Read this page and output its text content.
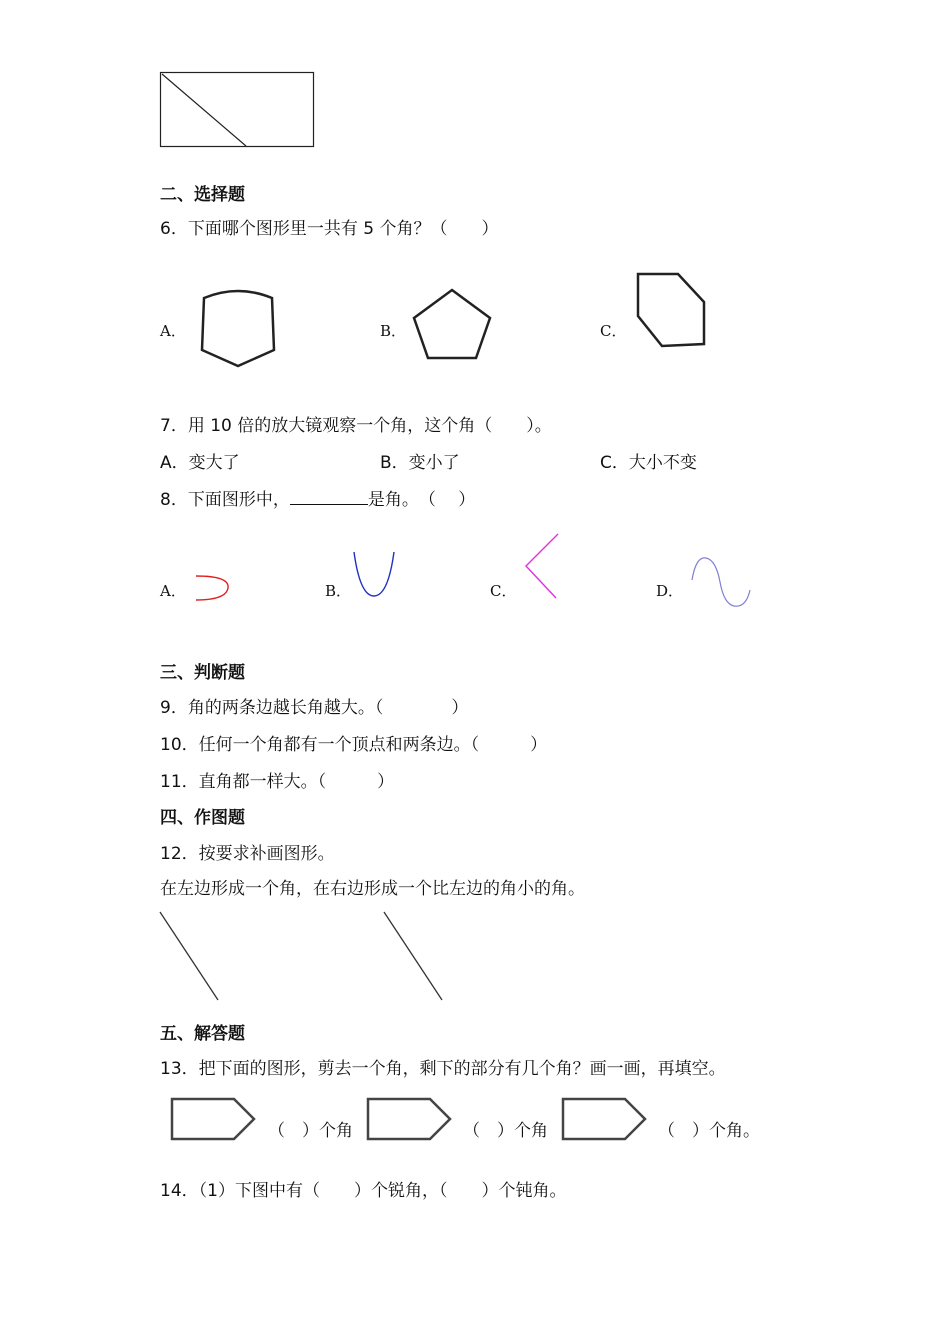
二、选择题
6．下面哪个图形里一共有 5 个角？（　　）
A．	B．	C．
7．用 10 倍的放大镜观察一个角，这个角（　　）。
A．变大了	B．变小了	C．大小不变
8．下面图形中，	是角。　（　 ）
A．	B．	C．	D．
三、判断题
9．角的两条边越长角越大。（　　　　）
10．任何一个角都有一个顶点和两条边。（　　　）
11．直角都一样大。（　　　）
四、作图题
12．按要求补画图形。
在左边形成一个角，在右边形成一个比左边的角小的角。
五、解答题
13．把下面的图形，剪去一个角，剩下的部分有几个角？画一画，再填空。
（　）个角	（　）个角	（　）个角。
14．（1）下图中有（　　）个锐角，（　　）个钝角。
